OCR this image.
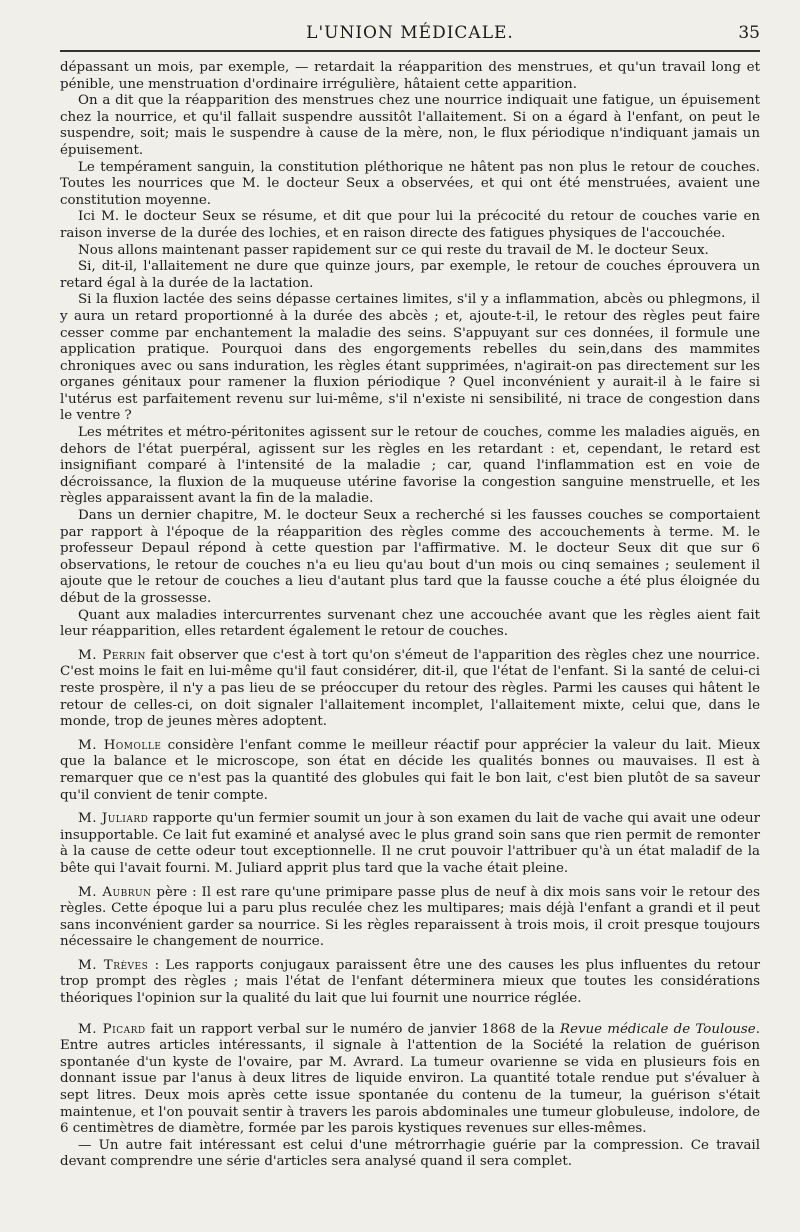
L'UNION MÉDICALE.	35

dépassant un mois, par exemple, — retardait la réapparition des menstrues, et qu'un travail long et pénible, une menstruation d'ordinaire irrégulière, hâtaient cette apparition.

On a dit que la réapparition des menstrues chez une nourrice indiquait une fatigue, un épuisement chez la nourrice, et qu'il fallait suspendre aussitôt l'allaitement. Si on a égard à l'enfant, on peut le suspendre, soit; mais le suspendre à cause de la mère, non, le flux périodique n'indiquant jamais un épuisement.

Le tempérament sanguin, la constitution pléthorique ne hâtent pas non plus le retour de couches. Toutes les nourrices que M. le docteur Seux a observées, et qui ont été menstruées, avaient une constitution moyenne.

Ici M. le docteur Seux se résume, et dit que pour lui la précocité du retour de couches varie en raison inverse de la durée des lochies, et en raison directe des fatigues physiques de l'accouchée.

Nous allons maintenant passer rapidement sur ce qui reste du travail de M. le docteur Seux.

Si, dit-il, l'allaitement ne dure que quinze jours, par exemple, le retour de couches éprouvera un retard égal à la durée de la lactation.

Si la fluxion lactée des seins dépasse certaines limites, s'il y a inflammation, abcès ou phlegmons, il y aura un retard proportionné à la durée des abcès ; et, ajoute-t-il, le retour des règles peut faire cesser comme par enchantement la maladie des seins. S'appuyant sur ces données, il formule une application pratique. Pourquoi dans des engorgements rebelles du sein,dans des mammites chroniques avec ou sans induration, les règles étant supprimées, n'agirait-on pas directement sur les organes génitaux pour ramener la fluxion périodique ? Quel inconvénient y aurait-il à le faire si l'utérus est parfaitement revenu sur lui-même, s'il n'existe ni sensibilité, ni trace de congestion dans le ventre ?

Les métrites et métro-péritonites agissent sur le retour de couches, comme les maladies aiguës, en dehors de l'état puerpéral, agissent sur les règles en les retardant : et, cependant, le retard est insignifiant comparé à l'intensité de la maladie ; car, quand l'inflammation est en voie de décroissance, la fluxion de la muqueuse utérine favorise la congestion sanguine menstruelle, et les règles apparaissent avant la fin de la maladie.

Dans un dernier chapitre, M. le docteur Seux a recherché si les fausses couches se comportaient par rapport à l'époque de la réapparition des règles comme des accouchements à terme. M. le professeur Depaul répond à cette question par l'affirmative. M. le docteur Seux dit que sur 6 observations, le retour de couches n'a eu lieu qu'au bout d'un mois ou cinq semaines ; seulement il ajoute que le retour de couches a lieu d'autant plus tard que la fausse couche a été plus éloignée du début de la grossesse.

Quant aux maladies intercurrentes survenant chez une accouchée avant que les règles aient fait leur réapparition, elles retardent également le retour de couches.

M. Perrin fait observer que c'est à tort qu'on s'émeut de l'apparition des règles chez une nourrice. C'est moins le fait en lui-même qu'il faut considérer, dit-il, que l'état de l'enfant. Si la santé de celui-ci reste prospère, il n'y a pas lieu de se préoccuper du retour des règles. Parmi les causes qui hâtent le retour de celles-ci, on doit signaler l'allaitement incomplet, l'allaitement mixte, celui que, dans le monde, trop de jeunes mères adoptent.

M. Homolle considère l'enfant comme le meilleur réactif pour apprécier la valeur du lait. Mieux que la balance et le microscope, son état en décide les qualités bonnes ou mauvaises. Il est à remarquer que ce n'est pas la quantité des globules qui fait le bon lait, c'est bien plutôt de sa saveur qu'il convient de tenir compte.

M. Juliard rapporte qu'un fermier soumit un jour à son examen du lait de vache qui avait une odeur insupportable. Ce lait fut examiné et analysé avec le plus grand soin sans que rien permit de remonter à la cause de cette odeur tout exceptionnelle. Il ne crut pouvoir l'attribuer qu'à un état maladif de la bête qui l'avait fourni. M. Juliard apprit plus tard que la vache était pleine.

M. Aubrun père : Il est rare qu'une primipare passe plus de neuf à dix mois sans voir le retour des règles. Cette époque lui a paru plus reculée chez les multipares; mais déjà l'enfant a grandi et il peut sans inconvénient garder sa nourrice. Si les règles reparaissent à trois mois, il croit presque toujours nécessaire le changement de nourrice.

M. Trèves : Les rapports conjugaux paraissent être une des causes les plus influentes du retour trop prompt des règles ; mais l'état de l'enfant déterminera mieux que toutes les considérations théoriques l'opinion sur la qualité du lait que lui fournit une nourrice réglée.

M. Picard fait un rapport verbal sur le numéro de janvier 1868 de la Revue médicale de Toulouse. Entre autres articles intéressants, il signale à l'attention de la Société la relation de guérison spontanée d'un kyste de l'ovaire, par M. Avrard. La tumeur ovarienne se vida en plusieurs fois en donnant issue par l'anus à deux litres de liquide environ. La quantité totale rendue put s'évaluer à sept litres. Deux mois après cette issue spontanée du contenu de la tumeur, la guérison s'était maintenue, et l'on pouvait sentir à travers les parois abdominales une tumeur globuleuse, indolore, de 6 centimètres de diamètre, formée par les parois kystiques revenues sur elles-mêmes.

— Un autre fait intéressant est celui d'une métrorrhagie guérie par la compression. Ce travail devant comprendre une série d'articles sera analysé quand il sera complet.
